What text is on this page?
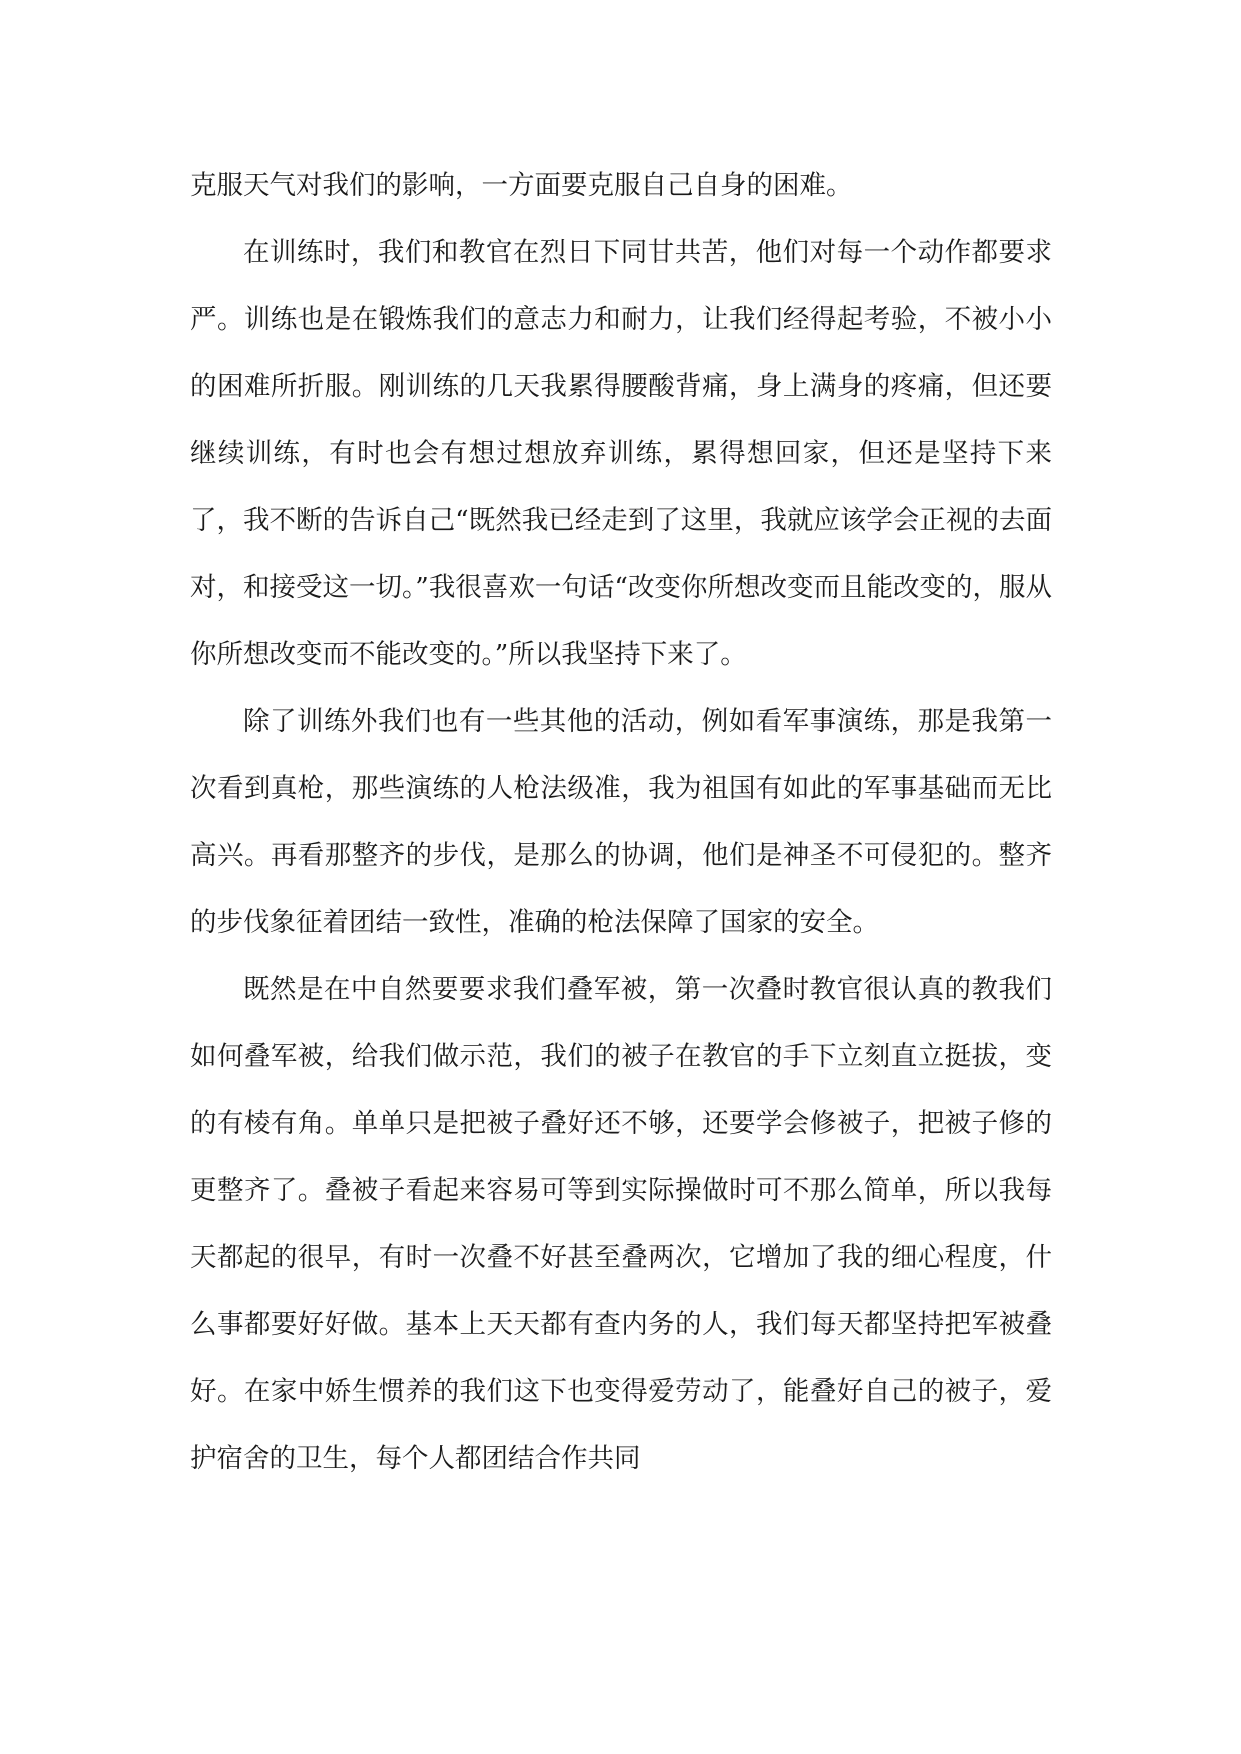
克服天气对我们的影响，一方面要克服自己自身的困难。

在训练时，我们和教官在烈日下同甘共苦，他们对每一个动作都要求严。训练也是在锻炼我们的意志力和耐力，让我们经得起考验，不被小小的困难所折服。刚训练的几天我累得腰酸背痛，身上满身的疼痛，但还要继续训练，有时也会有想过想放弃训练，累得想回家，但还是坚持下来了，我不断的告诉自己“既然我已经走到了这里，我就应该学会正视的去面对，和接受这一切。”我很喜欢一句话“改变你所想改变而且能改变的，服从你所想改变而不能改变的。”所以我坚持下来了。

除了训练外我们也有一些其他的活动，例如看军事演练，那是我第一次看到真枪，那些演练的人枪法级准，我为祖国有如此的军事基础而无比高兴。再看那整齐的步伐，是那么的协调，他们是神圣不可侵犯的。整齐的步伐象征着团结一致性，准确的枪法保障了国家的安全。

既然是在中自然要要求我们叠军被，第一次叠时教官很认真的教我们如何叠军被，给我们做示范，我们的被子在教官的手下立刻直立挺拔，变的有棱有角。单单只是把被子叠好还不够，还要学会修被子，把被子修的更整齐了。叠被子看起来容易可等到实际操做时可不那么简单，所以我每天都起的很早，有时一次叠不好甚至叠两次，它增加了我的细心程度，什么事都要好好做。基本上天天都有查内务的人，我们每天都坚持把军被叠好。在家中娇生惯养的我们这下也变得爱劳动了，能叠好自己的被子，爱护宿舍的卫生，每个人都团结合作共同
